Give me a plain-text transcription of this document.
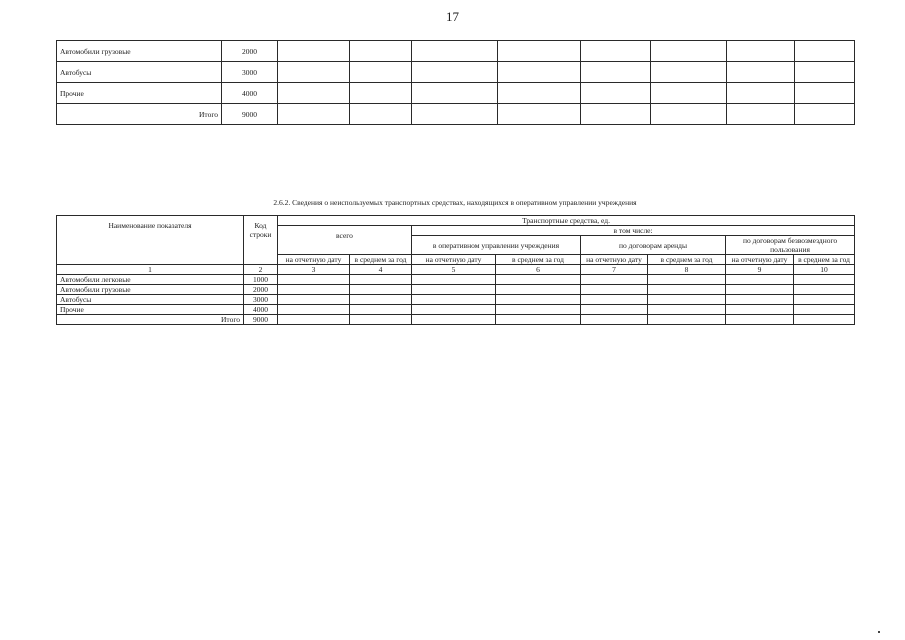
17
Автомобили грузовые	2000								
Автобусы	3000								
Прочие	4000								
Итого	9000								
2.6.2. Сведения о неиспользуемых транспортных средствах, находящихся в оперативном управлении учреждения
Наименование показателя	Код строки	Транспортные средства, ед.							
		всего		в том числе:					
				в оперативном управлении учреждения		по договорам аренды		по договорам безвозмездного пользования	
		на отчетную дату	в среднем за год	на отчетную дату	в среднем за год	на отчетную дату	в среднем за год	на отчетную дату	в среднем за год
1	2	3	4	5	6	7	8	9	10
Автомобили легковые	1000								
Автомобили грузовые	2000								
Автобусы	3000								
Прочие	4000								
Итого	9000								
